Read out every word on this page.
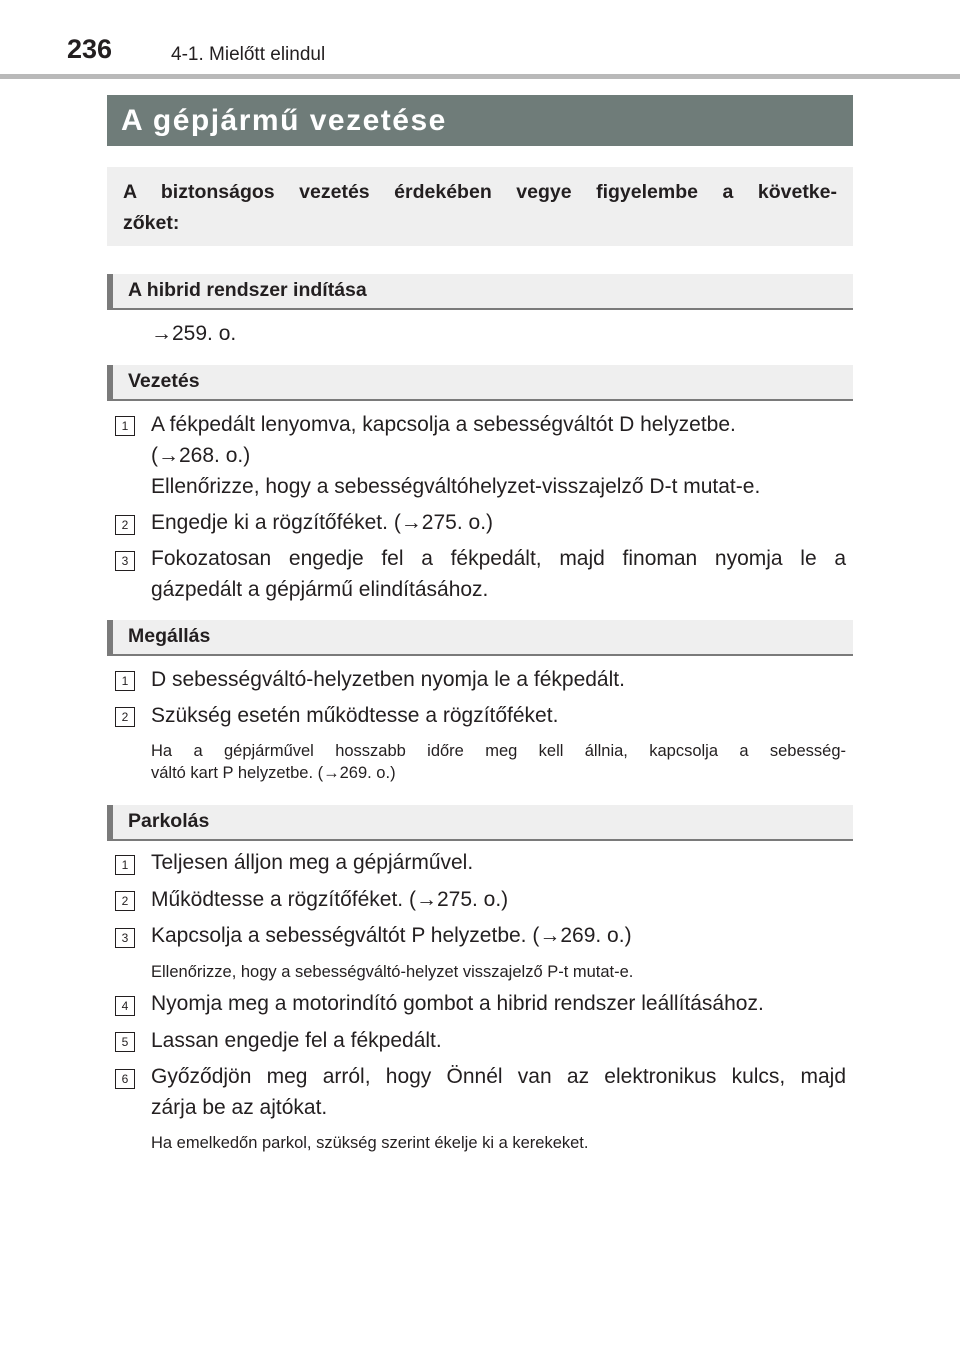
236	4-1. Mielőtt elindul
A gépjármű vezetése
A biztonságos vezetés érdekében vegye figyelembe a követke-
zőket:
A hibrid rendszer indítása
→259. o.
Vezetés
1	A fékpedált lenyomva, kapcsolja a sebességváltót D helyzetbe.
(→268. o.)
Ellenőrizze, hogy a sebességváltóhelyzet-visszajelző D-t mutat-e.
2	Engedje ki a rögzítőféket. (→275. o.)
3	Fokozatosan engedje fel a fékpedált, majd finoman nyomja le a
gázpedált a gépjármű elindításához.
Megállás
1	D sebességváltó-helyzetben nyomja le a fékpedált.
2	Szükség esetén működtesse a rögzítőféket.
Ha a gépjárművel hosszabb időre meg kell állnia, kapcsolja a sebesség-
váltó kart P helyzetbe. (→269. o.)
Parkolás
1	Teljesen álljon meg a gépjárművel.
2	Működtesse a rögzítőféket. (→275. o.)
3	Kapcsolja a sebességváltót P helyzetbe. (→269. o.)
Ellenőrizze, hogy a sebességváltó-helyzet visszajelző P-t mutat-e.
4	Nyomja meg a motorindító gombot a hibrid rendszer leállításához.
5	Lassan engedje fel a fékpedált.
6	Győződjön meg arról, hogy Önnél van az elektronikus kulcs, majd
zárja be az ajtókat.
Ha emelkedőn parkol, szükség szerint ékelje ki a kerekeket.
